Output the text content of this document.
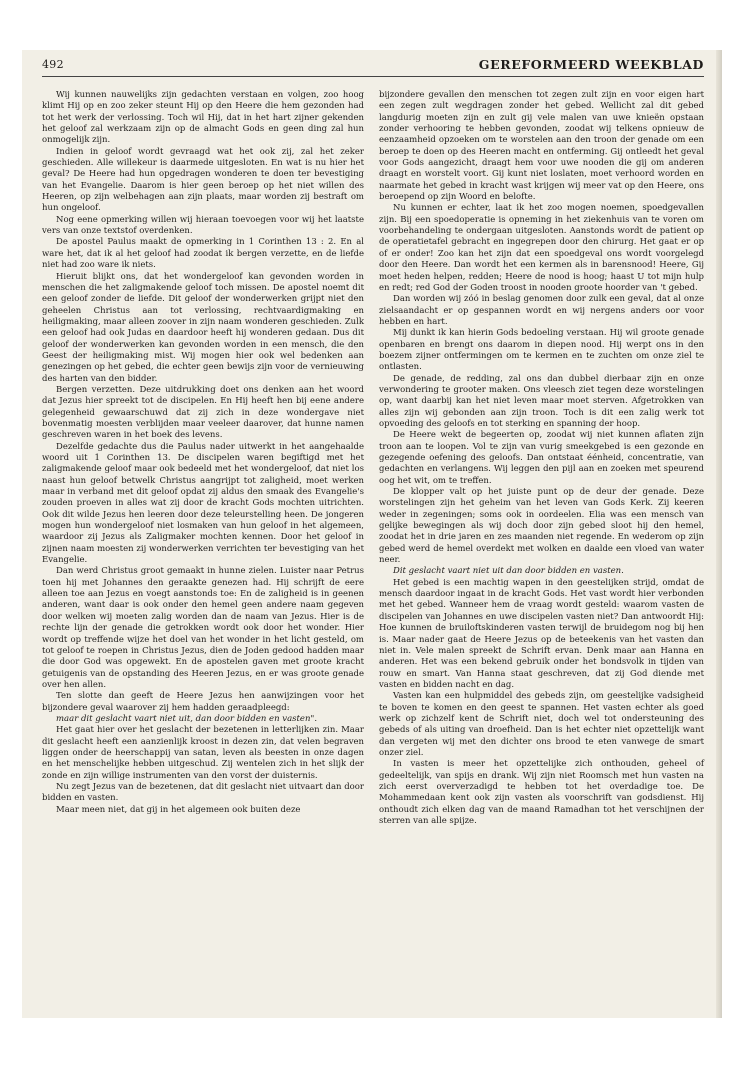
492	GEREFORMEERD WEEKBLAD

Wij kunnen nauwelijks zijn gedachten verstaan en volgen, zoo hoog klimt Hij op en zoo zeker steunt Hij op den Heere die hem gezonden had tot het werk der verlossing. Toch wil Hij, dat in het hart zijner gekenden het geloof zal werkzaam zijn op de almacht Gods en geen ding zal hun onmogelijk zijn.

Indien in geloof wordt gevraagd wat het ook zij, zal het zeker geschieden. Alle willekeur is daarmede uitgesloten. En wat is nu hier het geval? De Heere had hun opgedragen wonderen te doen ter bevestiging van het Evangelie. Daarom is hier geen beroep op het niet willen des Heeren, op zijn welbehagen aan zijn plaats, maar worden zij bestraft om hun ongeloof.

Nog eene opmerking willen wij hieraan toevoegen voor wij het laatste vers van onze textstof overdenken.

De apostel Paulus maakt de opmerking in 1 Corinthen 13 : 2. En al ware het, dat ik al het geloof had zoodat ik bergen verzette, en de liefde niet had zoo ware ik niets.

Hieruit blijkt ons, dat het wondergeloof kan gevonden worden in menschen die het zaligmakende geloof toch missen. De apostel noemt dit een geloof zonder de liefde. Dit geloof der wonderwerken grijpt niet den geheelen Christus aan tot verlossing, rechtvaardigmaking en heiligmaking, maar alleen zoover in zijn naam wonderen geschieden. Zulk een geloof had ook Judas en daardoor heeft hij wonderen gedaan. Dus dit geloof der wonderwerken kan gevonden worden in een mensch, die den Geest der heiligmaking mist. Wij mogen hier ook wel bedenken aan genezingen op het gebed, die echter geen bewijs zijn voor de vernieuwing des harten van den bidder.

Bergen verzetten. Deze uitdrukking doet ons denken aan het woord dat Jezus hier spreekt tot de discipelen. En Hij heeft hen bij eene andere gelegenheid gewaarschuwd dat zij zich in deze wondergave niet bovenmatig moesten verblijden maar veeleer daarover, dat hunne namen geschreven waren in het boek des levens.

Dezelfde gedachte dus die Paulus nader uitwerkt in het aangehaalde woord uit 1 Corinthen 13. De discipelen waren begiftigd met het zaligmakende geloof maar ook bedeeld met het wondergeloof, dat niet los naast hun geloof betwelk Christus aangrijpt tot zaligheid, moet werken maar in verband met dit geloof opdat zij aldus den smaak des Evangelie's zouden proeven in alles wat zij door de kracht Gods mochten uitrichten. Ook dit wilde Jezus hen leeren door deze teleurstelling heen. De jongeren mogen hun wondergeloof niet losmaken van hun geloof in het algemeen, waardoor zij Jezus als Zaligmaker mochten kennen. Door het geloof in zijnen naam moesten zij wonderwerken verrichten ter bevestiging van het Evangelie.

Dan werd Christus groot gemaakt in hunne zielen. Luister naar Petrus toen hij met Johannes den geraakte genezen had. Hij schrijft de eere alleen toe aan Jezus en voegt aanstonds toe: En de zaligheid is in geenen anderen, want daar is ook onder den hemel geen andere naam gegeven door welken wij moeten zalig worden dan de naam van Jezus. Hier is de rechte lijn der genade die getrokken wordt ook door het wonder. Hier wordt op treffende wijze het doel van het wonder in het licht gesteld, om tot geloof te roepen in Christus Jezus, dien de Joden gedood hadden maar die door God was opgewekt. En de apostelen gaven met groote kracht getuigenis van de opstanding des Heeren Jezus, en er was groote genade over hen allen.

Ten slotte dan geeft de Heere Jezus hen aanwijzingen voor het bijzondere geval waarover zij hem hadden geraadpleegd:

maar dit geslacht vaart niet uit, dan door bidden en vasten".

Het gaat hier over het geslacht der bezetenen in letterlijken zin. Maar dit geslacht heeft een aanzienlijk kroost in dezen zin, dat velen begraven liggen onder de heerschappij van satan, leven als beesten in onze dagen en het menschelijke hebben uitgeschud. Zij wentelen zich in het slijk der zonde en zijn willige instrumenten van den vorst der duisternis.

Nu zegt Jezus van de bezetenen, dat dit geslacht niet uitvaart dan door bidden en vasten.

Maar meen niet, dat gij in het algemeen ook buiten deze

bijzondere gevallen den menschen tot zegen zult zijn en voor eigen hart een zegen zult wegdragen zonder het gebed. Wellicht zal dit gebed langdurig moeten zijn en zult gij vele malen van uwe knieën opstaan zonder verhooring te hebben gevonden, zoodat wij telkens opnieuw de eenzaamheid opzoeken om te worstelen aan den troon der genade om een beroep te doen op des Heeren macht en ontferming. Gij ontleedt het geval voor Gods aangezicht, draagt hem voor uwe nooden die gij om anderen draagt en worstelt voort. Gij kunt niet loslaten, moet verhoord worden en naarmate het gebed in kracht wast krijgen wij meer vat op den Heere, ons beroepend op zijn Woord en belofte.

Nu kunnen er echter, laat ik het zoo mogen noemen, spoedgevallen zijn. Bij een spoedoperatie is opneming in het ziekenhuis van te voren om voorbehandeling te ondergaan uitgesloten. Aanstonds wordt de patient op de operatietafel gebracht en ingegrepen door den chirurg. Het gaat er op of er onder! Zoo kan het zijn dat een spoedgeval ons wordt voorgelegd door den Heere. Dan wordt het een kermen als in barensnood! Heere, Gij moet heden helpen, redden; Heere de nood is hoog; haast U tot mijn hulp en redt; red God der Goden troost in nooden groote hoorder van 't gebed.

Dan worden wij zóó in beslag genomen door zulk een geval, dat al onze zielsaandacht er op gespannen wordt en wij nergens anders oor voor hebben en hart.

Mij dunkt ik kan hierin Gods bedoeling verstaan. Hij wil groote genade openbaren en brengt ons daarom in diepen nood. Hij werpt ons in den boezem zijner ontfermingen om te kermen en te zuchten om onze ziel te ontlasten.

De genade, de redding, zal ons dan dubbel dierbaar zijn en onze verwondering te grooter maken. Ons vleesch ziet tegen deze worstelingen op, want daarbij kan het niet leven maar moet sterven. Afgetrokken van alles zijn wij gebonden aan zijn troon. Toch is dit een zalig werk tot opvoeding des geloofs en tot sterking en spanning der hoop.

De Heere wekt de begeerten op, zoodat wij niet kunnen aflaten zijn troon aan te loopen. Vol te zijn van vurig smeekgebed is een gezonde en gezegende oefening des geloofs. Dan ontstaat éénheid, concentratie, van gedachten en verlangens. Wij leggen den pijl aan en zoeken met speurend oog het wit, om te treffen.

De klopper valt op het juiste punt op de deur der genade. Deze worstelingen zijn het geheim van het leven van Gods Kerk. Zij keeren weder in zegeningen; soms ook in oordeelen. Elia was een mensch van gelijke bewegingen als wij doch door zijn gebed sloot hij den hemel, zoodat het in drie jaren en zes maanden niet regende. En wederom op zijn gebed werd de hemel overdekt met wolken en daalde een vloed van water neer.

Dit geslacht vaart niet uit dan door bidden en vasten.

Het gebed is een machtig wapen in den geestelijken strijd, omdat de mensch daardoor ingaat in de kracht Gods. Het vast wordt hier verbonden met het gebed. Wanneer hem de vraag wordt gesteld: waarom vasten de discipelen van Johannes en uwe discipelen vasten niet? Dan antwoordt Hij: Hoe kunnen de bruiloftskinderen vasten terwijl de bruidegom nog bij hen is. Maar nader gaat de Heere Jezus op de beteekenis van het vasten dan niet in. Vele malen spreekt de Schrift ervan. Denk maar aan Hanna en anderen. Het was een bekend gebruik onder het bondsvolk in tijden van rouw en smart. Van Hanna staat geschreven, dat zij God diende met vasten en bidden nacht en dag.

Vasten kan een hulpmiddel des gebeds zijn, om geestelijke vadsigheid te boven te komen en den geest te spannen. Het vasten echter als goed werk op zichzelf kent de Schrift niet, doch wel tot ondersteuning des gebeds of als uiting van droefheid. Dan is het echter niet opzettelijk want dan vergeten wij met den dichter ons brood te eten vanwege de smart onzer ziel.

In vasten is meer het opzettelijke zich onthouden, geheel of gedeeltelijk, van spijs en drank. Wij zijn niet Roomsch met hun vasten na zich eerst oververzadigd te hebben tot het overdadige toe. De Mohammedaan kent ook zijn vasten als voorschrift van godsdienst. Hij onthoudt zich elken dag van de maand Ramadhan tot het verschijnen der sterren van alle spijze.
